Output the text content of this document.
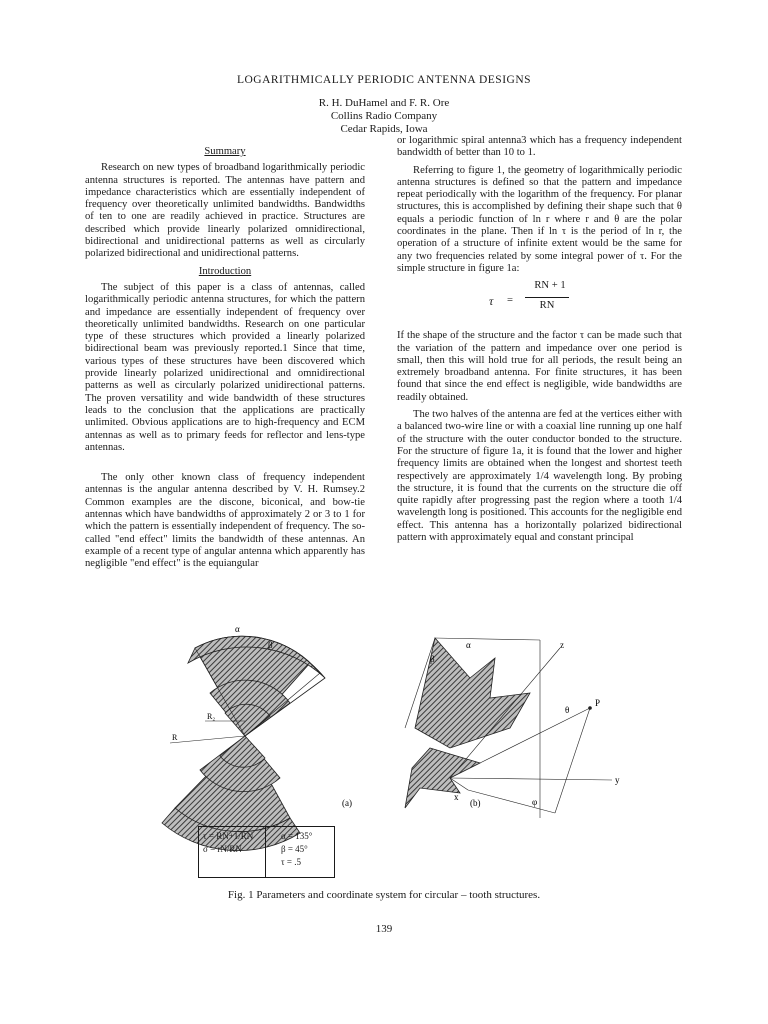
LOGARITHMICALLY PERIODIC ANTENNA DESIGNS
R. H. DuHamel and F. R. Ore
Collins Radio Company
Cedar Rapids, Iowa
Summary

Research on new types of broadband logarithmically periodic antenna structures is reported. The antennas have pattern and impedance characteristics which are essentially independent of frequency over theoretically unlimited bandwidths. Bandwidths of ten to one are readily achieved in practice. Structures are described which provide linearly polarized omnidirectional, bidirectional and unidirectional patterns as well as circularly polarized bidirectional and unidirectional patterns.

Introduction

The subject of this paper is a class of antennas, called logarithmically periodic antenna structures, for which the pattern and impedance are essentially independent of frequency over theoretically unlimited bandwidths. Research on one particular type of these structures which provided a linearly polarized bidirectional beam was previously reported.1 Since that time, various types of these structures have been discovered which provide linearly polarized unidirectional and omnidirectional patterns as well as circularly polarized unidirectional patterns. The proven versatility and wide bandwidth of these structures leads to the conclusion that the applications are practically unlimited. Obvious applications are to high-frequency and ECM antennas as well as to primary feeds for reflector and lens-type antennas.

The only other known class of frequency independent antennas is the angular antenna described by V. H. Rumsey.2 Common examples are the discone, biconical, and bow-tie antennas which have bandwidths of approximately 2 or 3 to 1 for which the pattern is essentially independent of frequency. The so-called "end effect" limits the bandwidth of these antennas. An example of a recent type of angular antenna which apparently has negligible "end effect" is the equiangular

or logarithmic spiral antenna3 which has a frequency independent bandwidth of better than 10 to 1.

Referring to figure 1, the geometry of logarithmically periodic antenna structures is defined so that the pattern and impedance repeat periodically with the logarithm of the frequency. For planar structures, this is accomplished by defining their shape such that θ equals a periodic function of ln r where r and θ are the polar coordinates in the plane. Then if ln τ is the period of ln r, the operation of a structure of infinite extent would be the same for any two frequencies related by some integral power of τ. For the simple structure in figure 1a:

τ =
RN + 1
RN

If the shape of the structure and the factor τ can be made such that the variation of the pattern and impedance over one period is small, then this will hold true for all periods, the result being an extremely broadband antenna. For finite structures, it has been found that since the end effect is negligible, wide bandwidths are readily obtained.

The two halves of the antenna are fed at the vertices either with a balanced two-wire line or with a coaxial line running up one half of the structure with the outer conductor bonded to the structure. For the structure of figure 1a, it is found that the lower and higher frequency limits are obtained when the longest and shortest teeth respectively are approximately 1/4 wavelength long. By probing the structure, it is found that the currents on the structure die off quite rapidly after progressing past the region where a tooth 1/4 wavelength long is positioned. This accounts for the negligible end effect. This antenna has a horizontally polarized bidirectional pattern with approximately equal and constant principal

α
β
R₂
R
(a)
β
α	z
θ
P
y
φ
x
(b)
τ = RN+1/RN
σ = rN/RN
α = 135°
β = 45°
τ = .5
Fig. 1 Parameters and coordinate system for circular – tooth structures.
139
